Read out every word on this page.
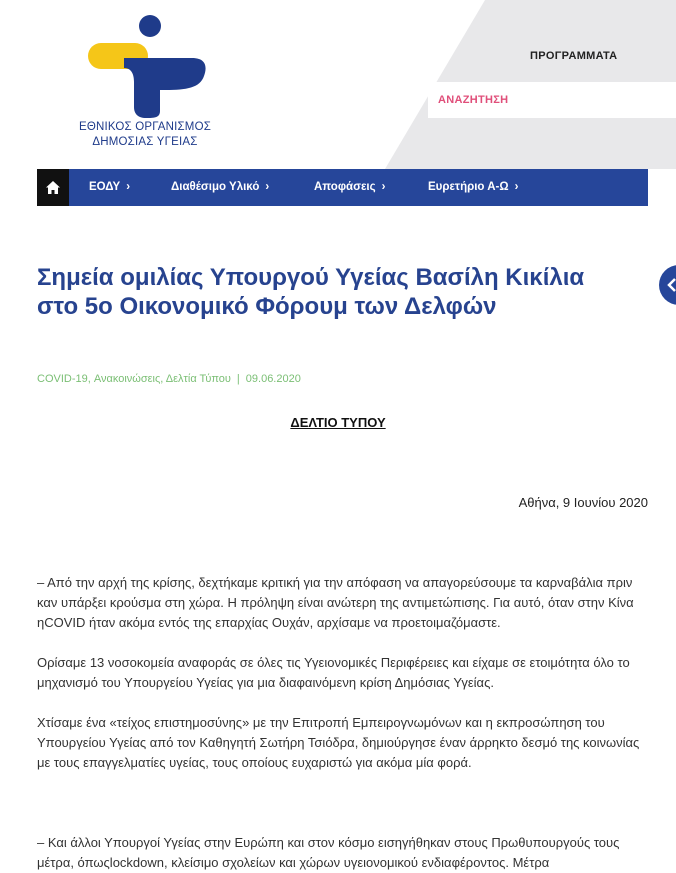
ΕΘΝΙΚΟΣ ΟΡΓΑΝΙΣΜΟΣ
ΔΗΜΟΣΙΑΣ ΥΓΕΙΑΣ
ΠΡΟΓΡΑΜΜΑΤΑ
ΑΝΑΖΗΤΗΣΗ
ΕΟΔΥ ›	Διαθέσιμο Υλικό ›	Αποφάσεις ›	Ευρετήριο Α-Ω ›
Σημεία ομιλίας Υπουργού Υγείας Βασίλη Κικίλια στο 5ο Οικονομικό Φόρουμ των Δελφών
COVID-19, Ανακοινώσεις, Δελτία Τύπου | 09.06.2020
ΔΕΛΤΙΟ ΤΥΠΟΥ
Αθήνα, 9 Ιουνίου 2020

– Από την αρχή της κρίσης, δεχτήκαμε κριτική για την απόφαση να απαγορεύσουμε τα καρναβάλια πριν καν υπάρξει κρούσμα στη χώρα. Η πρόληψη είναι ανώτερη της αντιμετώπισης. Για αυτό, όταν στην Κίνα ηCOVID ήταν ακόμα εντός της επαρχίας Ουχάν, αρχίσαμε να προετοιμαζόμαστε.

Ορίσαμε 13 νοσοκομεία αναφοράς σε όλες τις Υγειονομικές Περιφέρειες και είχαμε σε ετοιμότητα όλο το μηχανισμό του Υπουργείου Υγείας για μια διαφαινόμενη κρίση Δημόσιας Υγείας.

Χτίσαμε ένα «τείχος επιστημοσύνης» με την Επιτροπή Εμπειρογνωμόνων και η εκπροσώπηση του Υπουργείου Υγείας από τον Καθηγητή Σωτήρη Τσιόδρα, δημιούργησε έναν άρρηκτο δεσμό της κοινωνίας με τους επαγγελματίες υγείας, τους οποίους ευχαριστώ για ακόμα μία φορά.

– Και άλλοι Υπουργοί Υγείας στην Ευρώπη και στον κόσμο εισηγήθηκαν στους Πρωθυπουργούς τους μέτρα, όπωςlockdown, κλείσιμο σχολείων και χώρων υγειονομικού ενδιαφέροντος. Μέτρα
